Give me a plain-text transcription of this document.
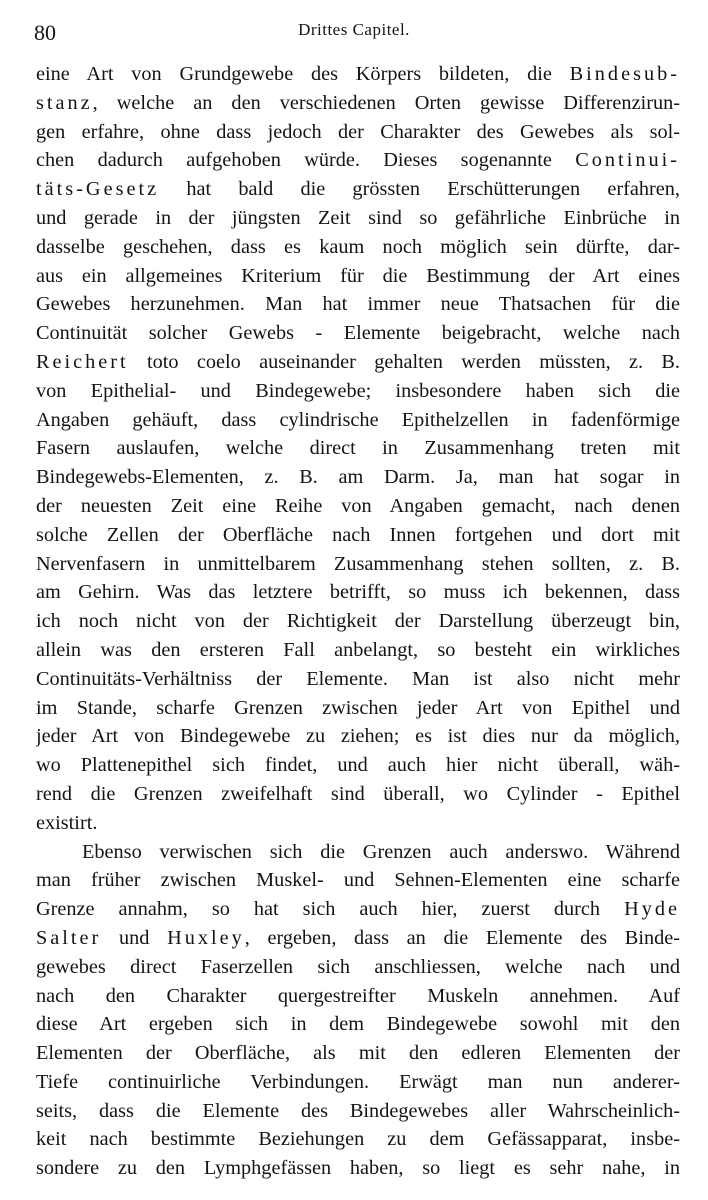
80	Drittes Capitel.
eine Art von Grundgewebe des Körpers bildeten, die Bindesub-
stanz, welche an den verschiedenen Orten gewisse Differenzirun-
gen erfahre, ohne dass jedoch der Charakter des Gewebes als sol-
chen dadurch aufgehoben würde. Dieses sogenannte Continui-
täts-Gesetz hat bald die grössten Erschütterungen erfahren,
und gerade in der jüngsten Zeit sind so gefährliche Einbrüche in
dasselbe geschehen, dass es kaum noch möglich sein dürfte, dar-
aus ein allgemeines Kriterium für die Bestimmung der Art eines
Gewebes herzunehmen. Man hat immer neue Thatsachen für die
Continuität solcher Gewebs - Elemente beigebracht, welche nach
Reichert toto coelo auseinander gehalten werden müssten, z. B.
von Epithelial- und Bindegewebe; insbesondere haben sich die
Angaben gehäuft, dass cylindrische Epithelzellen in fadenförmige
Fasern auslaufen, welche direct in Zusammenhang treten mit
Bindegewebs-Elementen, z. B. am Darm. Ja, man hat sogar in
der neuesten Zeit eine Reihe von Angaben gemacht, nach denen
solche Zellen der Oberfläche nach Innen fortgehen und dort mit
Nervenfasern in unmittelbarem Zusammenhang stehen sollten, z. B.
am Gehirn. Was das letztere betrifft, so muss ich bekennen, dass
ich noch nicht von der Richtigkeit der Darstellung überzeugt bin,
allein was den ersteren Fall anbelangt, so besteht ein wirkliches
Continuitäts-Verhältniss der Elemente. Man ist also nicht mehr
im Stande, scharfe Grenzen zwischen jeder Art von Epithel und
jeder Art von Bindegewebe zu ziehen; es ist dies nur da möglich,
wo Plattenepithel sich findet, und auch hier nicht überall, wäh-
rend die Grenzen zweifelhaft sind überall, wo Cylinder - Epithel
existirt.
Ebenso verwischen sich die Grenzen auch anderswo. Während
man früher zwischen Muskel- und Sehnen-Elementen eine scharfe
Grenze annahm, so hat sich auch hier, zuerst durch Hyde
Salter und Huxley, ergeben, dass an die Elemente des Binde-
gewebes direct Faserzellen sich anschliessen, welche nach und
nach den Charakter quergestreifter Muskeln annehmen. Auf
diese Art ergeben sich in dem Bindegewebe sowohl mit den
Elementen der Oberfläche, als mit den edleren Elementen der
Tiefe continuirliche Verbindungen. Erwägt man nun anderer-
seits, dass die Elemente des Bindegewebes aller Wahrscheinlich-
keit nach bestimmte Beziehungen zu dem Gefässapparat, insbe-
sondere zu den Lymphgefässen haben, so liegt es sehr nahe, in
